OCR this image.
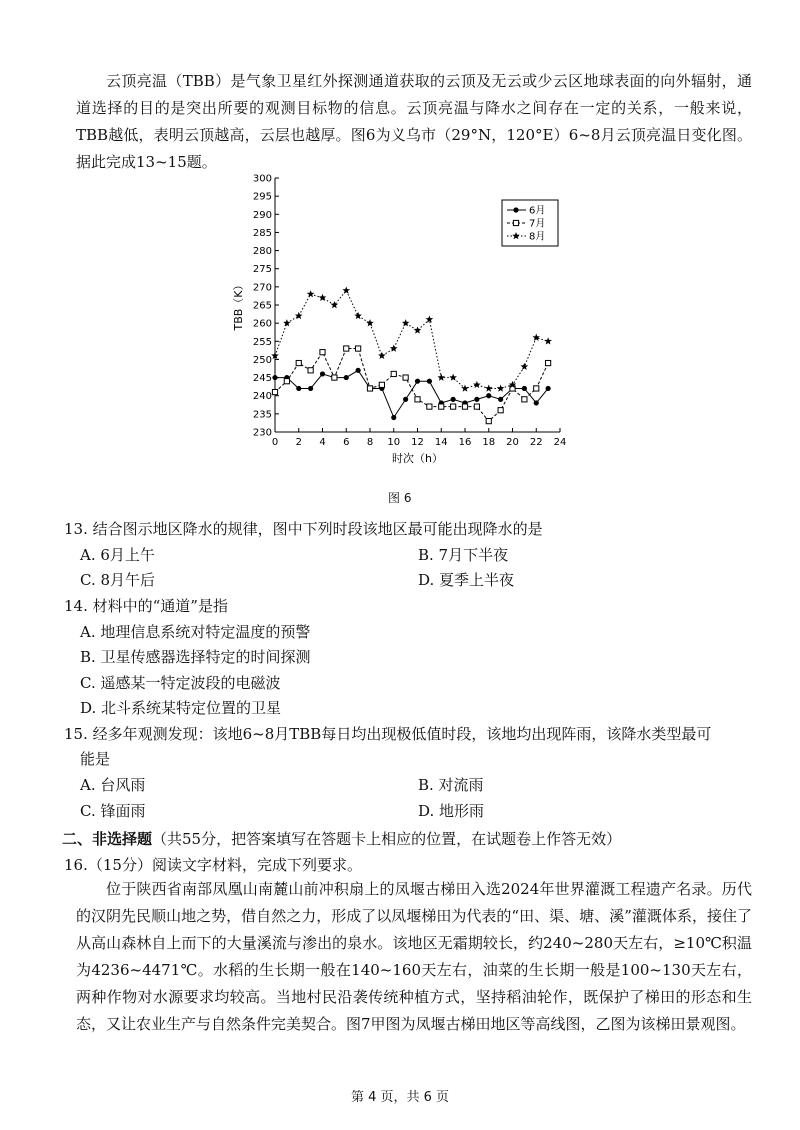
云顶亮温（TBB）是气象卫星红外探测通道获取的云顶及无云或少云区地球表面的向外辐射，通道选择的目的是突出所要的观测目标物的信息。云顶亮温与降水之间存在一定的关系，一般来说，TBB越低，表明云顶越高，云层也越厚。图6为义乌市（29°N，120°E）6~8月云顶亮温日变化图。据此完成13~15题。

230
235
240
245
250
255
260
265
270
275
280
285
290
295
300
0 2 4 6 8 10 12 14 16 18 20 22 24
时次（h）
TBB（K）
6月
7月
8月
图 6

13. 结合图示地区降水的规律，图中下列时段该地区最可能出现降水的是

A. 6月上午	B. 7月下半夜

C. 8月午后	D. 夏季上半夜

14. 材料中的“通道”是指

A. 地理信息系统对特定温度的预警

B. 卫星传感器选择特定的时间探测

C. 遥感某一特定波段的电磁波

D. 北斗系统某特定位置的卫星

15. 经多年观测发现：该地6~8月TBB每日均出现极低值时段，该地均出现阵雨，该降水类型最可

能是

A. 台风雨	B. 对流雨

C. 锋面雨	D. 地形雨

二、非选择题（共55分，把答案填写在答题卡上相应的位置，在试题卷上作答无效）

16.（15分）阅读文字材料，完成下列要求。

位于陕西省南部凤凰山南麓山前冲积扇上的凤堰古梯田入选2024年世界灌溉工程遗产名录。历代的汉阴先民顺山地之势，借自然之力，形成了以凤堰梯田为代表的“田、渠、塘、溪”灌溉体系，接住了从高山森林自上而下的大量溪流与渗出的泉水。该地区无霜期较长，约240~280天左右，≥10℃积温为4236~4471℃。水稻的生长期一般在140~160天左右，油菜的生长期一般是100~130天左右，两种作物对水源要求均较高。当地村民沿袭传统种植方式，坚持稻油轮作，既保护了梯田的形态和生态，又让农业生产与自然条件完美契合。图7甲图为凤堰古梯田地区等高线图，乙图为该梯田景观图。

第 4 页，共 6 页
